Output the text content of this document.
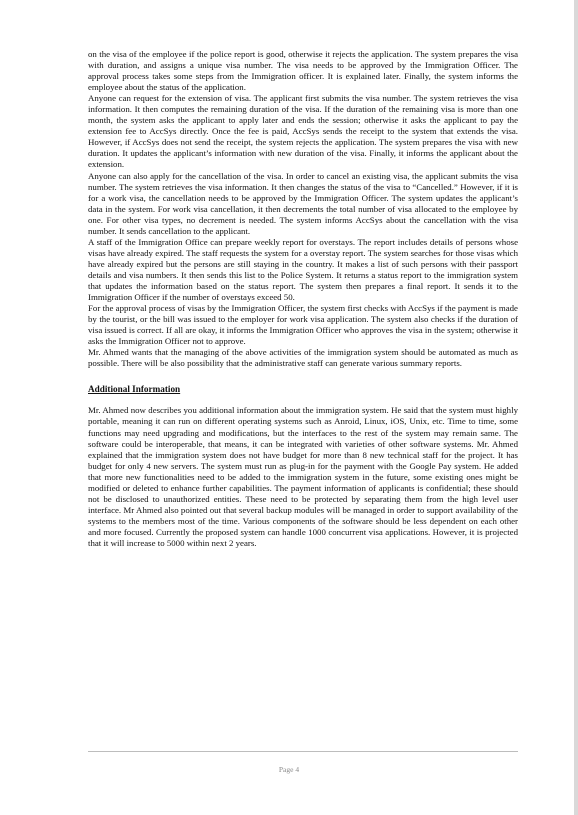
on the visa of the employee if the police report is good, otherwise it rejects the application. The system prepares the visa with duration, and assigns a unique visa number. The visa needs to be approved by the Immigration Officer. The approval process takes some steps from the Immigration officer. It is explained later. Finally, the system informs the employee about the status of the application.

Anyone can request for the extension of visa. The applicant first submits the visa number. The system retrieves the visa information. It then computes the remaining duration of the visa. If the duration of the remaining visa is more than one month, the system asks the applicant to apply later and ends the session; otherwise it asks the applicant to pay the extension fee to AccSys directly. Once the fee is paid, AccSys sends the receipt to the system that extends the visa. However, if AccSys does not send the receipt, the system rejects the application. The system prepares the visa with new duration. It updates the applicant’s information with new duration of the visa. Finally, it informs the applicant about the extension.

Anyone can also apply for the cancellation of the visa. In order to cancel an existing visa, the applicant submits the visa number. The system retrieves the visa information. It then changes the status of the visa to “Cancelled.” However, if it is for a work visa, the cancellation needs to be approved by the Immigration Officer. The system updates the applicant’s data in the system. For work visa cancellation, it then decrements the total number of visa allocated to the employee by one. For other visa types, no decrement is needed. The system informs AccSys about the cancellation with the visa number. It sends cancellation to the applicant.

A staff of the Immigration Office can prepare weekly report for overstays. The report includes details of persons whose visas have already expired. The staff requests the system for a overstay report. The system searches for those visas which have already expired but the persons are still staying in the country. It makes a list of such persons with their passport details and visa numbers. It then sends this list to the Police System. It returns a status report to the immigration system that updates the information based on the status report. The system then prepares a final report. It sends it to the Immigration Officer if the number of overstays exceed 50.

For the approval process of visas by the Immigration Officer, the system first checks with AccSys if the payment is made by the tourist, or the bill was issued to the employer for work visa application. The system also checks if the duration of visa issued is correct. If all are okay, it informs the Immigration Officer who approves the visa in the system; otherwise it asks the Immigration Officer not to approve.

Mr. Ahmed wants that the managing of the above activities of the immigration system should be automated as much as possible. There will be also possibility that the administrative staff can generate various summary reports.

Additional Information

Mr. Ahmed now describes you additional information about the immigration system. He said that the system must highly portable, meaning it can run on different operating systems such as Anroid, Linux, iOS, Unix, etc. Time to time, some functions may need upgrading and modifications, but the interfaces to the rest of the system may remain same. The software could be interoperable, that means, it can be integrated with varieties of other software systems. Mr. Ahmed explained that the immigration system does not have budget for more than 8 new technical staff for the project. It has budget for only 4 new servers. The system must run as plug-in for the payment with the Google Pay system. He added that more new functionalities need to be added to the immigration system in the future, some existing ones might be modified or deleted to enhance further capabilities. The payment information of applicants is confidential; these should not be disclosed to unauthorized entities. These need to be protected by separating them from the high level user interface. Mr Ahmed also pointed out that several backup modules will be managed in order to support availability of the systems to the members most of the time. Various components of the software should be less dependent on each other and more focused. Currently the proposed system can handle 1000 concurrent visa applications. However, it is projected that it will increase to 5000 within next 2 years.

Page 4
